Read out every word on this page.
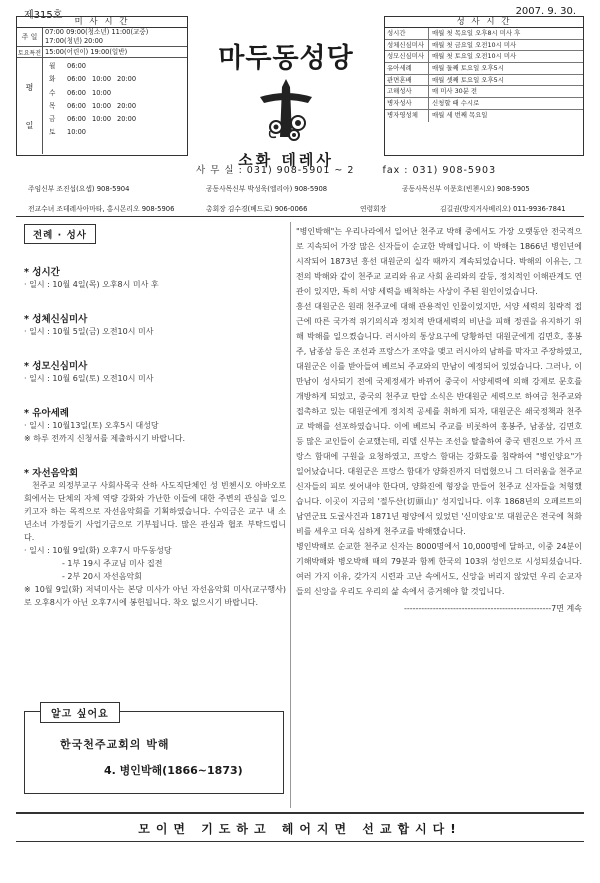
제315호	2007. 9. 30.
미 사 시 간
주 일
07:00 09:00(청소년) 11:00(교중)
17:00(청년) 20:00
토요특전 15:00(어린이) 19:00(일반)
평
일
월	06:00
화	06:00 10:00 20:00
수	06:00 10:00
목	06:00 10:00 20:00
금	06:00 10:00 20:00
토	10:00
마두동성당
소화 데레사
성 사 시 간
성시간	매월 첫 목요일 오후8시 미사 후
성체신심미사	매월 첫 금요일 오전10시 미사
성모신심미사	매월 첫 토요일 오전10시 미사
유아세례	매월 둘째 토요일 오후5시
관면혼배	매월 셋째 토요일 오후5시
고해성사	매 미사 30분 전
병자성사	신청할 때 수시로
병자영성체	매월 세 번째 목요일
사 무 실 : 031) 908-5901 ~ 2	fax : 031) 908-5903
주임신부 조진섭(요셉) 908-5904	공동사목신부 박성욱(엘리아) 908-5908	공동사목신부 이문호(빈첸시오) 908-5905
전교수녀 조데레사아마타, 홍시몬리오 908-5906	총회장 김수경(베드로) 906-0066	연령회장	김길권(방지거사베리오) 011-9936-7841
전례 · 성사
* 성시간

· 일시 : 10월 4일(목) 오후8시 미사 후

* 성체신심미사

· 일시 : 10월 5일(금) 오전10시 미사

* 성모신심미사

· 일시 : 10월 6일(토) 오전10시 미사

* 유아세례

· 일시 : 10월13일(토) 오후5시 대성당

※ 하루 전까지 신청서를 제출하시기 바랍니다.

* 자선음악회

천주교 의정부교구 사회사목국 산하 사도직단체인 성 빈첸시오 아바오로회에서는 단체의 자체 역량 강화와 가난한 이들에 대한 주변의 관심을 일으키고자 하는 목적으로 자선음악회를 기획하였습니다. 수익금은 교구 내 소년소녀 가정들기 사업기금으로 기부됩니다. 많은 관심과 협조 부탁드립니다.

· 일시 : 10월 9일(화) 오후7시 마두동성당

- 1부 19시 주교님 미사 집전

- 2부 20시 자선음악회

※ 10월 9일(화) 저녁미사는 본당 미사가 아닌 자선음악회 미사(교구행사)로 오후8시가 아닌 오후7시에 봉헌됩니다. 착오 없으시기 바랍니다.

알고 싶어요
한국천주교회의 박해
4. 병인박해(1866~1873)

"병인박해"는 우리나라에서 일어난 천주교 박해 중에서도 가장 오랫동안 전국적으로 지속되어 가장 많은 신자들이 순교한 박해입니다. 이 박해는 1866년 병인년에 시작되어 1873년 흥선 대원군의 실각 때까지 계속되었습니다. 박해의 이유는, 그 전의 박해와 같이 천주교 교리와 유교 사회 윤리와의 갈등, 정치적인 이해관계도 연관이 있지만, 특히 서양 세력을 배척하는 사상이 주된 원인이었습니다.

흥선 대원군은 원래 천주교에 대해 관용적인 인물이었지만, 서양 세력의 침략적 접근에 따른 국가적 위기의식과 정치적 반대세력의 비난을 피해 정권을 유지하기 위해 박해를 일으켰습니다. 러시아의 통상요구에 당황하던 대원군에게 김면호, 홍봉주, 남종삼 등은 조선과 프랑스가 조약을 맺고 러시아의 남하를 막자고 주장하였고, 대원군은 이를 받아들여 베르뇌 주교와의 만남이 예정되어 있었습니다. 그러나, 이 만남이 성사되기 전에 국제정세가 바뀌어 중국이 서양세력에 의해 강제로 문호를 개방하게 되었고, 중국의 천주교 탄압 소식은 반대원군 세력으로 하여금 천주교와 접촉하고 있는 대원군에게 정치적 공세를 취하게 되자, 대원군은 쇄국정책과 천주교 박해를 선포하였습니다. 이에 베르뇌 주교를 비롯하여 홍봉주, 남종삼, 김면호 등 많은 교인들이 순교했는데, 리델 신부는 조선을 탈출하여 중국 텐진으로 가서 프랑스 함대에 구원을 요청하였고, 프랑스 함대는 강화도를 침략하여 "병인양요"가 일어났습니다. 대원군은 프랑스 함대가 양화진까지 더럽혔으니 그 더러움을 천주교 신자들의 피로 씻어내야 한다며, 양화진에 형장을 만들어 천주교 신자들을 처형했습니다. 이곳이 지금의 '절두산(切頭山)' 성지입니다. 이후 1868년의 오페르트의 남연군묘 도굴사건과 1871년 평양에서 있었던 '신미양요'로 대원군은 전국에 척화비를 세우고 더욱 심하게 천주교를 박해했습니다.

병인박해로 순교한 천주교 신자는 8000명에서 10,000명에 달하고, 이중 24분이 기해박해와 병오박해 때의 79분과 함께 한국의 103위 성인으로 시성되셨습니다. 여러 가지 이유, 갖가지 시련과 고난 속에서도, 신앙을 버리지 않았던 우리 순교자들의 신앙을 우리도 우리의 삶 속에서 증거해야 할 것입니다.

---------------------------------------------------7면 계속
모이면 기도하고 헤어지면 선교합시다!
